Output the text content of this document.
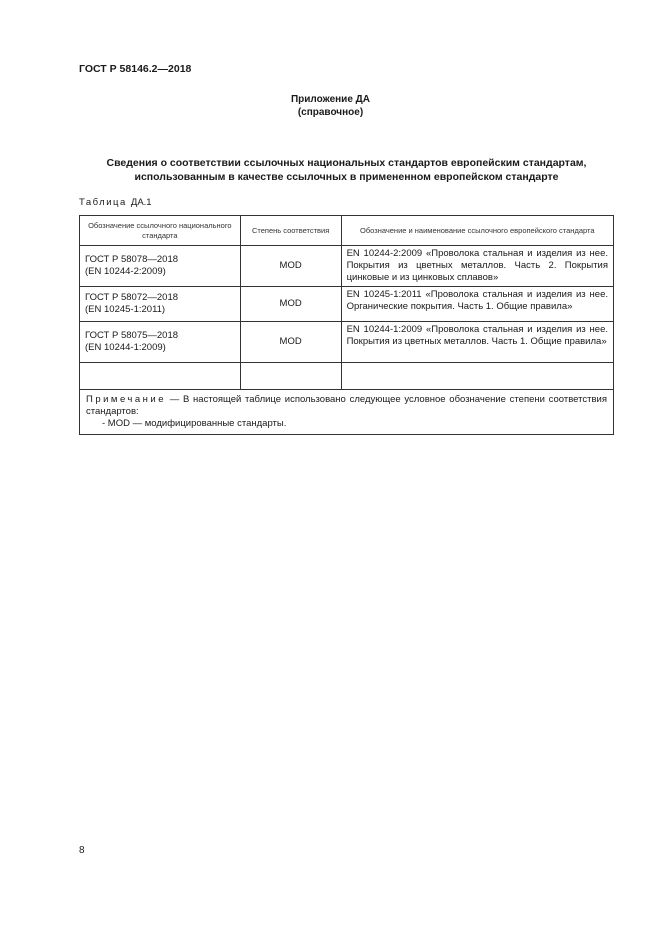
ГОСТ Р 58146.2—2018
Приложение ДА
(справочное)
Сведения о соответствии ссылочных национальных стандартов европейским стандартам, использованным в качестве ссылочных в примененном европейском стандарте
Таблица ДА.1
Обозначение ссылочного национального стандарта	Степень соответствия	Обозначение и наименование ссылочного европейского стандарта

ГОСТ Р 58078—2018
(EN 10244-2:2009)	MOD	EN 10244-2:2009 «Проволока стальная и изделия из нее. Покрытия из цветных металлов. Часть 2. Покрытия цинковые и из цинковых сплавов»

ГОСТ Р 58072—2018
(EN 10245-1:2011)	MOD	EN 10245-1:2011 «Проволока стальная и изделия из нее. Органические покрытия. Часть 1. Общие правила»

ГОСТ Р 58075—2018
(EN 10244-1:2009)	MOD	EN 10244-1:2009 «Проволока стальная и изделия из нее. Покрытия из цветных металлов. Часть 1. Общие правила»

Примечание — В настоящей таблице использовано следующее условное обозначение степени соответствия стандартов:
- MOD — модифицированные стандарты.		
8
